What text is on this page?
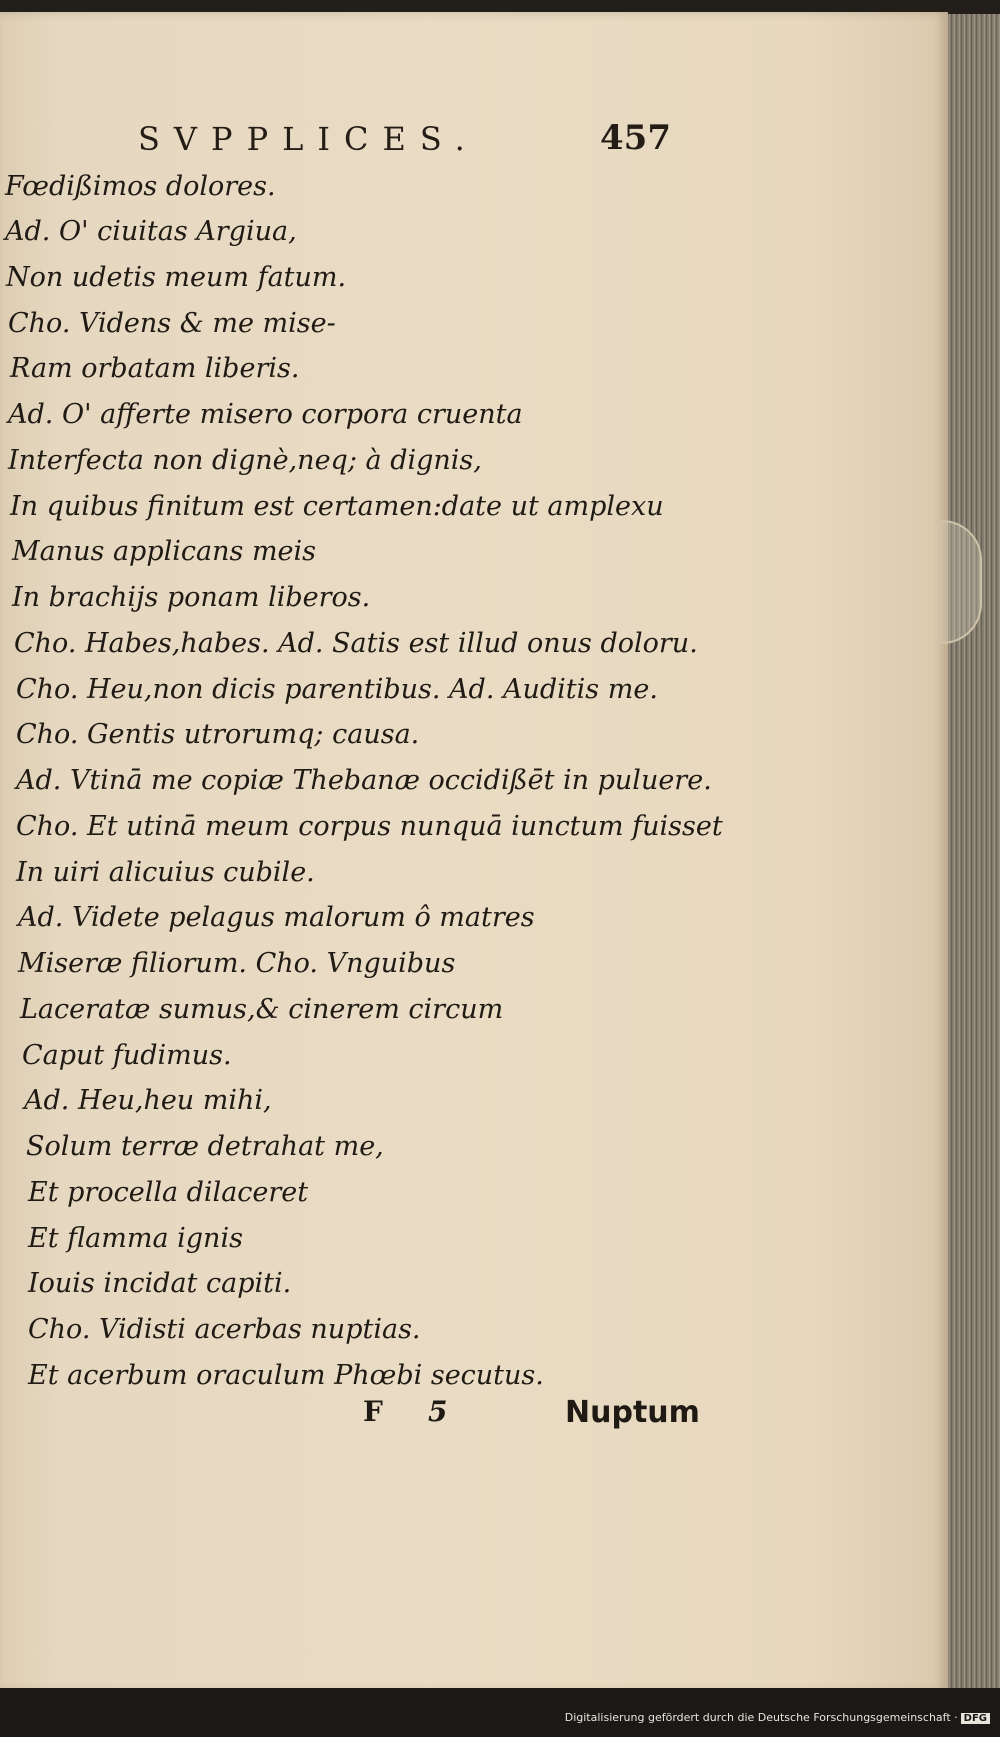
SVPPLICES.	457
Fœdißimos dolores.
Ad. O' ciuitas Argiua,
Non udetis meum fatum.
Cho. Videns & me mise-
Ram orbatam liberis.
Ad. O' afferte misero corpora cruenta
Interfecta non dignè,neq; à dignis,
In quibus finitum est certamen:date ut amplexu
Manus applicans meis
In brachijs ponam liberos.
Cho. Habes,habes. Ad. Satis est illud onus doloru.
Cho. Heu,non dicis parentibus. Ad. Auditis me.
Cho. Gentis utrorumq; causa.
Ad. Vtinā me copiæ Thebanæ occidißēt in puluere.
Cho. Et utinā meum corpus nunquā iunctum fuisset
In uiri alicuius cubile.
Ad. Videte pelagus malorum ô matres
Miseræ filiorum. Cho. Vnguibus
Laceratæ sumus,& cinerem circum
Caput fudimus.
Ad. Heu,heu mihi,
Solum terræ detrahat me,
Et procella dilaceret
Et flamma ignis
Iouis incidat capiti.
Cho. Vidisti acerbas nuptias.
Et acerbum oraculum Phœbi secutus.
F 5	Nuptum
Digitalisierung gefördert durch die Deutsche Forschungsgemeinschaft · DFG
